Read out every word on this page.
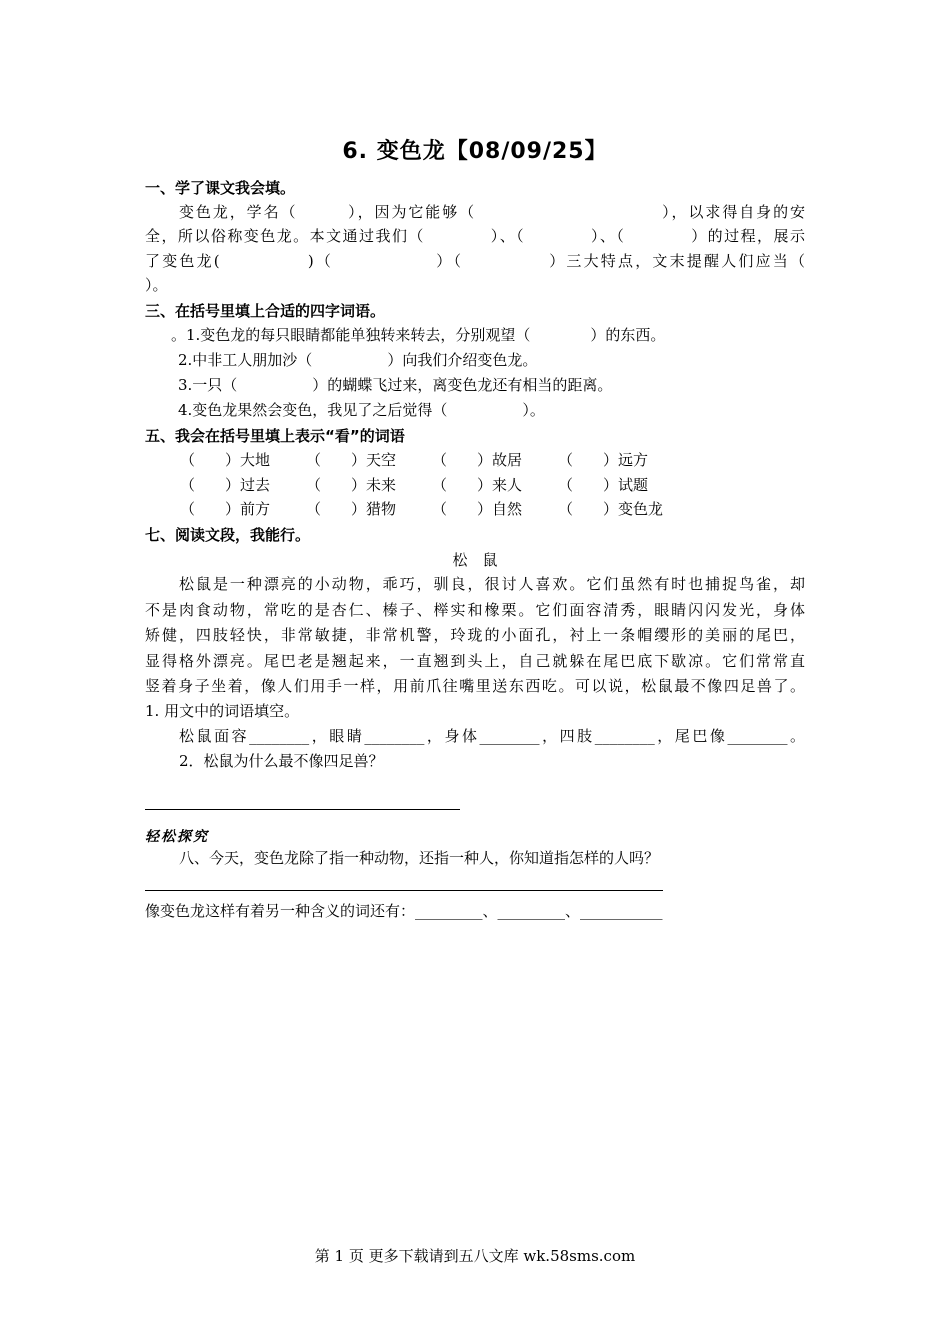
6. 变色龙【08/09/25】
一、学了课文我会填。
变色龙，学名（　　　），因为它能够（　　　　　　　　　　　），以求得自身的安
全，所以俗称变色龙。本文通过我们（　　　　）、（　　　　）、（　　　　）的过程，展示
了变色龙(　　　　　)（　　　　　　）（　　　　　）三大特点，文末提醒人们应当（
）。
三、在括号里填上合适的四字词语。
。1.变色龙的每只眼睛都能单独转来转去，分别观望（　　　　）的东西。
2.中非工人朋加沙（　　　　　）向我们介绍变色龙。
3.一只（　　　　　）的蝴蝶飞过来，离变色龙还有相当的距离。
4.变色龙果然会变色，我见了之后觉得（　　　　　）。
五、我会在括号里填上表示“看”的词语
（　　）大地 （　　）天空 （　　）故居 （　　）远方
（　　）过去 （　　）未来 （　　）来人 （　　）试题
（　　）前方 （　　）猎物 （　　）自然 （　　）变色龙
七、阅读文段，我能行。
松　鼠
松鼠是一种漂亮的小动物，乖巧，驯良，很讨人喜欢。它们虽然有时也捕捉鸟雀，却
不是肉食动物，常吃的是杏仁、榛子、榉实和橡栗。它们面容清秀，眼睛闪闪发光，身体
矫健，四肢轻快，非常敏捷，非常机警，玲珑的小面孔，衬上一条帽缨形的美丽的尾巴，
显得格外漂亮。尾巴老是翘起来，一直翘到头上，自己就躲在尾巴底下歇凉。它们常常直
竖着身子坐着，像人们用手一样，用前爪往嘴里送东西吃。可以说，松鼠最不像四足兽了。
1. 用文中的词语填空。
松鼠面容________，眼睛________，身体________，四肢________，尾巴像________。
2．松鼠为什么最不像四足兽？
轻松探究
八、今天，变色龙除了指一种动物，还指一种人，你知道指怎样的人吗？
像变色龙这样有着另一种含义的词还有：_________、_________、___________
第 1 页 更多下载请到五八文库 wk.58sms.com
